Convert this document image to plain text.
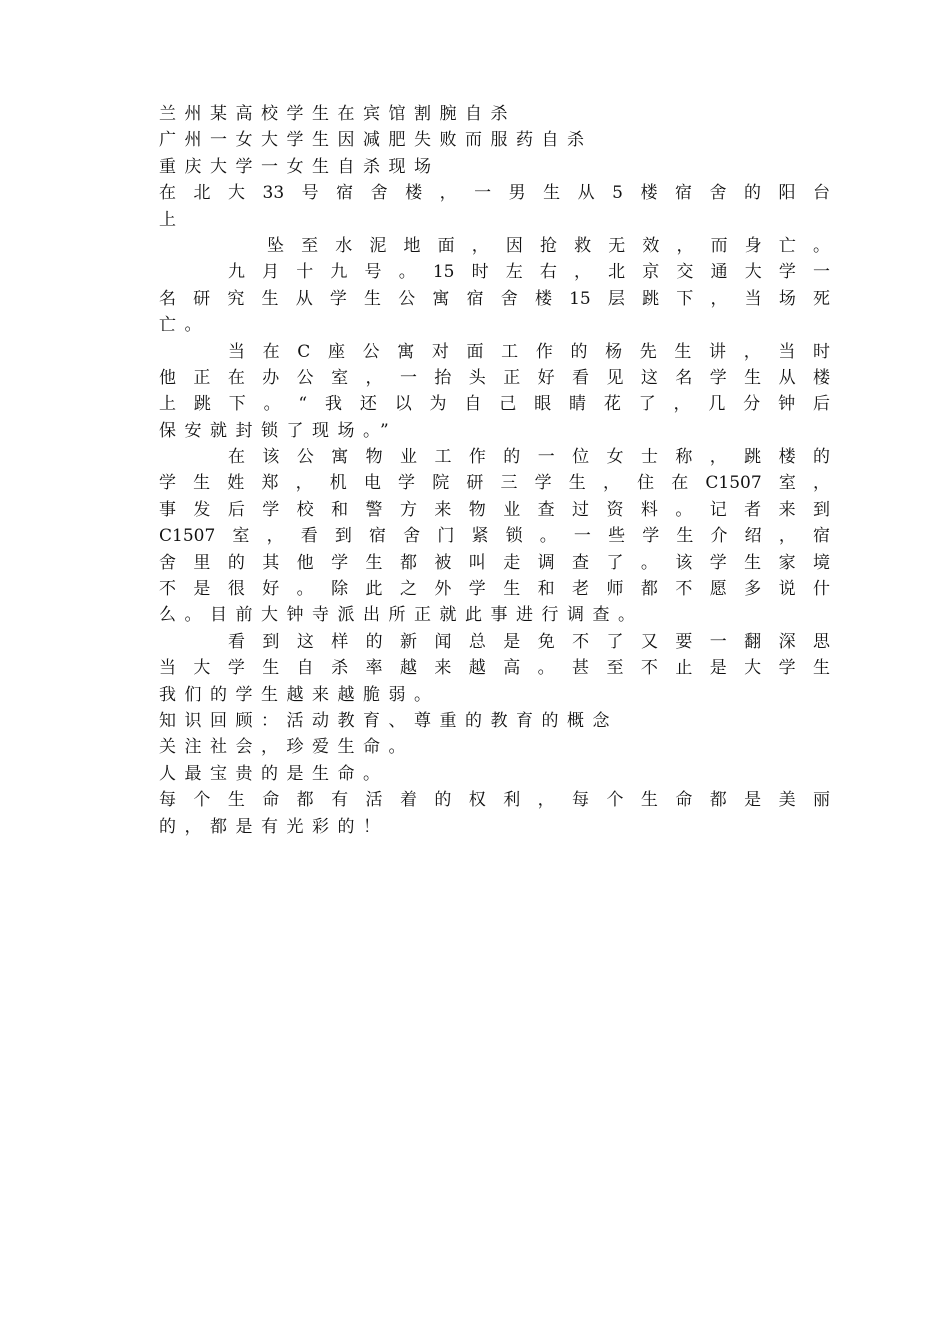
兰州某高校学生在宾馆割腕自杀
广州一女大学生因减肥失败而服药自杀
重庆大学一女生自杀现场
在北大33号宿舍楼，一男生从5楼宿舍的阳台
上
坠至水泥地面，因抢救无效，而身亡。
九月十九号。15时左右，北京交通大学一
名研究生从学生公寓宿舍楼15层跳下，当场死
亡。
当在C座公寓对面工作的杨先生讲，当时
他正在办公室，一抬头正好看见这名学生从楼
上跳下。“我还以为自己眼睛花了，几分钟后
保安就封锁了现场。”
在该公寓物业工作的一位女士称，跳楼的
学生姓郑，机电学院研三学生，住在C1507室，
事发后学校和警方来物业查过资料。记者来到
C1507室，看到宿舍门紧锁。一些学生介绍，宿
舍里的其他学生都被叫走调查了。该学生家境
不是很好。除此之外学生和老师都不愿多说什
么。目前大钟寺派出所正就此事进行调查。
看到这样的新闻总是免不了又要一翻深思
当大学生自杀率越来越高。甚至不止是大学生
我们的学生越来越脆弱。
知识回顾：活动教育、尊重的教育的概念
关注社会，珍爱生命。
人最宝贵的是生命。
每个生命都有活着的权利，每个生命都是美丽
的，都是有光彩的！
